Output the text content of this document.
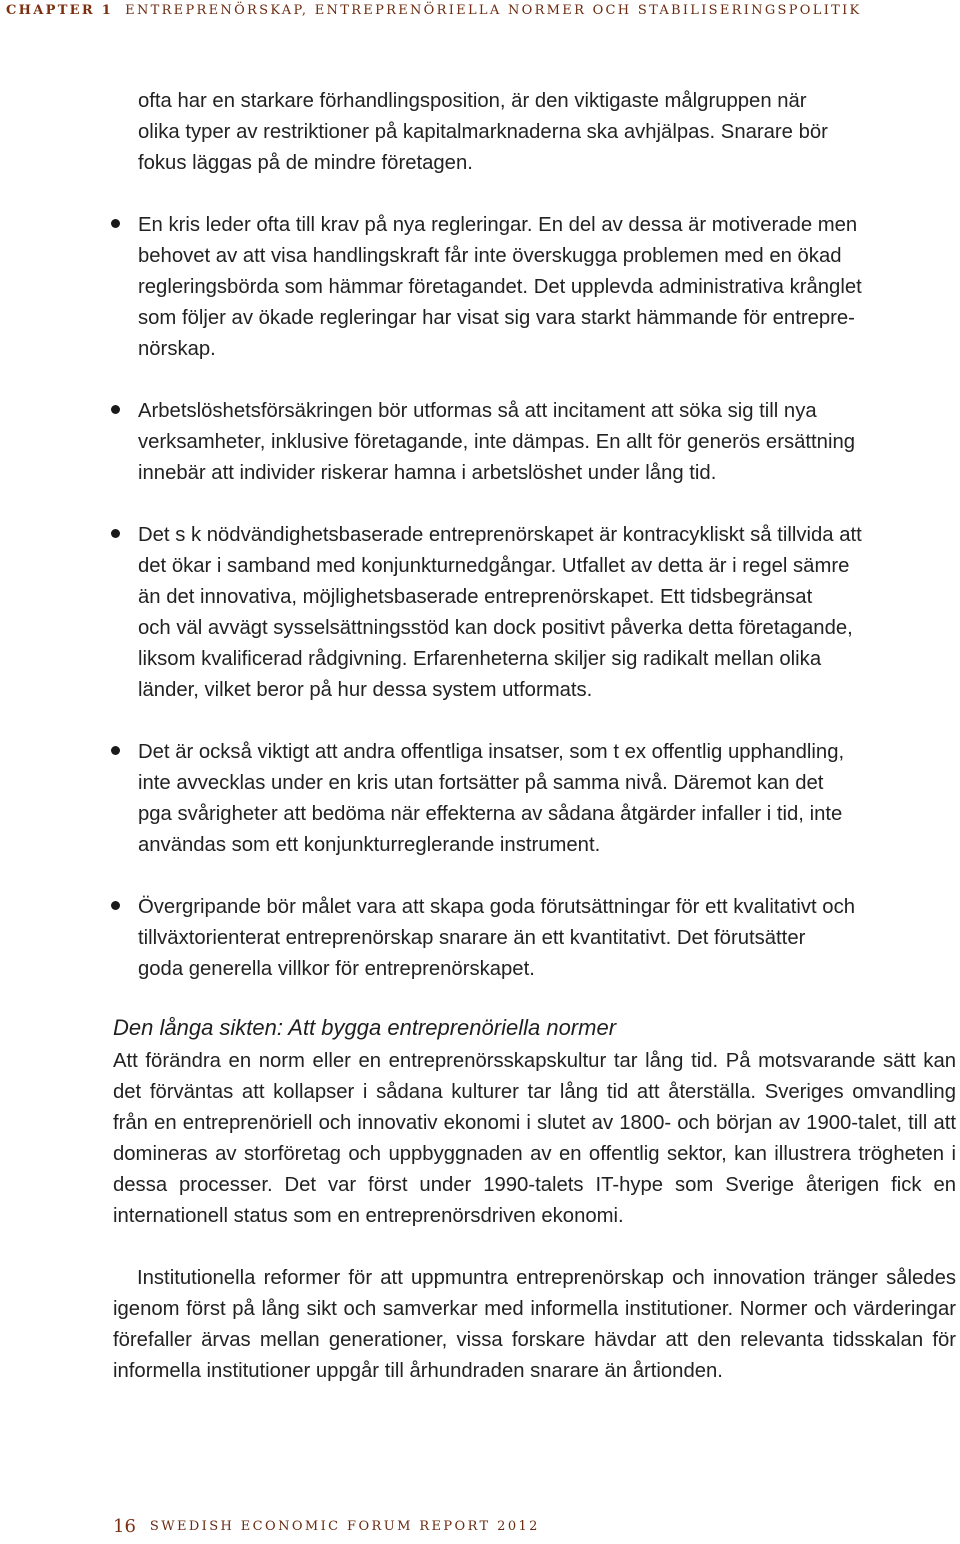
CHAPTER 1 ENTREPRENÖRSKAP, ENTREPRENÖRIELLA NORMER OCH STABILISERINGSPOLITIK
ofta har en starkare förhandlingsposition, är den viktigaste målgruppen när
olika typer av restriktioner på kapitalmarknaderna ska avhjälpas. Snarare bör
fokus läggas på de mindre företagen.
En kris leder ofta till krav på nya regleringar. En del av dessa är motiverade men
behovet av att visa handlingskraft får inte överskugga problemen med en ökad
regleringsbörda som hämmar företagandet. Det upplevda administrativa krånglet
som följer av ökade regleringar har visat sig vara starkt hämmande för entrepre-
nörskap.
Arbetslöshetsförsäkringen bör utformas så att incitament att söka sig till nya
verksamheter, inklusive företagande, inte dämpas. En allt för generös ersättning
innebär att individer riskerar hamna i arbetslöshet under lång tid.
Det s k nödvändighetsbaserade entreprenörskapet är kontracykliskt så tillvida att
det ökar i samband med konjunkturnedgångar. Utfallet av detta är i regel sämre
än det innovativa, möjlighetsbaserade entreprenörskapet. Ett tidsbegränsat
och väl avvägt sysselsättningsstöd kan dock positivt påverka detta företagande,
liksom kvalificerad rådgivning. Erfarenheterna skiljer sig radikalt mellan olika
länder, vilket beror på hur dessa system utformats.
Det är också viktigt att andra offentliga insatser, som t ex offentlig upphandling,
inte avvecklas under en kris utan fortsätter på samma nivå. Däremot kan det
pga svårigheter att bedöma när effekterna av sådana åtgärder infaller i tid, inte
användas som ett konjunkturreglerande instrument.
Övergripande bör målet vara att skapa goda förutsättningar för ett kvalitativt och
tillväxtorienterat entreprenörskap snarare än ett kvantitativt. Det förutsätter
goda generella villkor för entreprenörskapet.
Den långa sikten: Att bygga entreprenöriella normer

Att förändra en norm eller en entreprenörsskapskultur tar lång tid. På motsvarande sätt kan det förväntas att kollapser i sådana kulturer tar lång tid att återställa. Sveriges omvandling från en entreprenöriell och innovativ ekonomi i slutet av 1800- och början av 1900-talet, till att domineras av storföretag och uppbyggnaden av en offentlig sektor, kan illustrera trögheten i dessa processer. Det var först under 1990-talets IT-hype som Sverige återigen fick en internationell status som en entreprenörsdriven ekonomi.

Institutionella reformer för att uppmuntra entreprenörskap och innovation tränger således igenom först på lång sikt och samverkar med informella institutioner. Normer och värderingar förefaller ärvas mellan generationer, vissa forskare hävdar att den relevanta tidsskalan för informella institutioner uppgår till århundraden snarare än årtionden.

16 SWEDISH ECONOMIC FORUM REPORT 2012
